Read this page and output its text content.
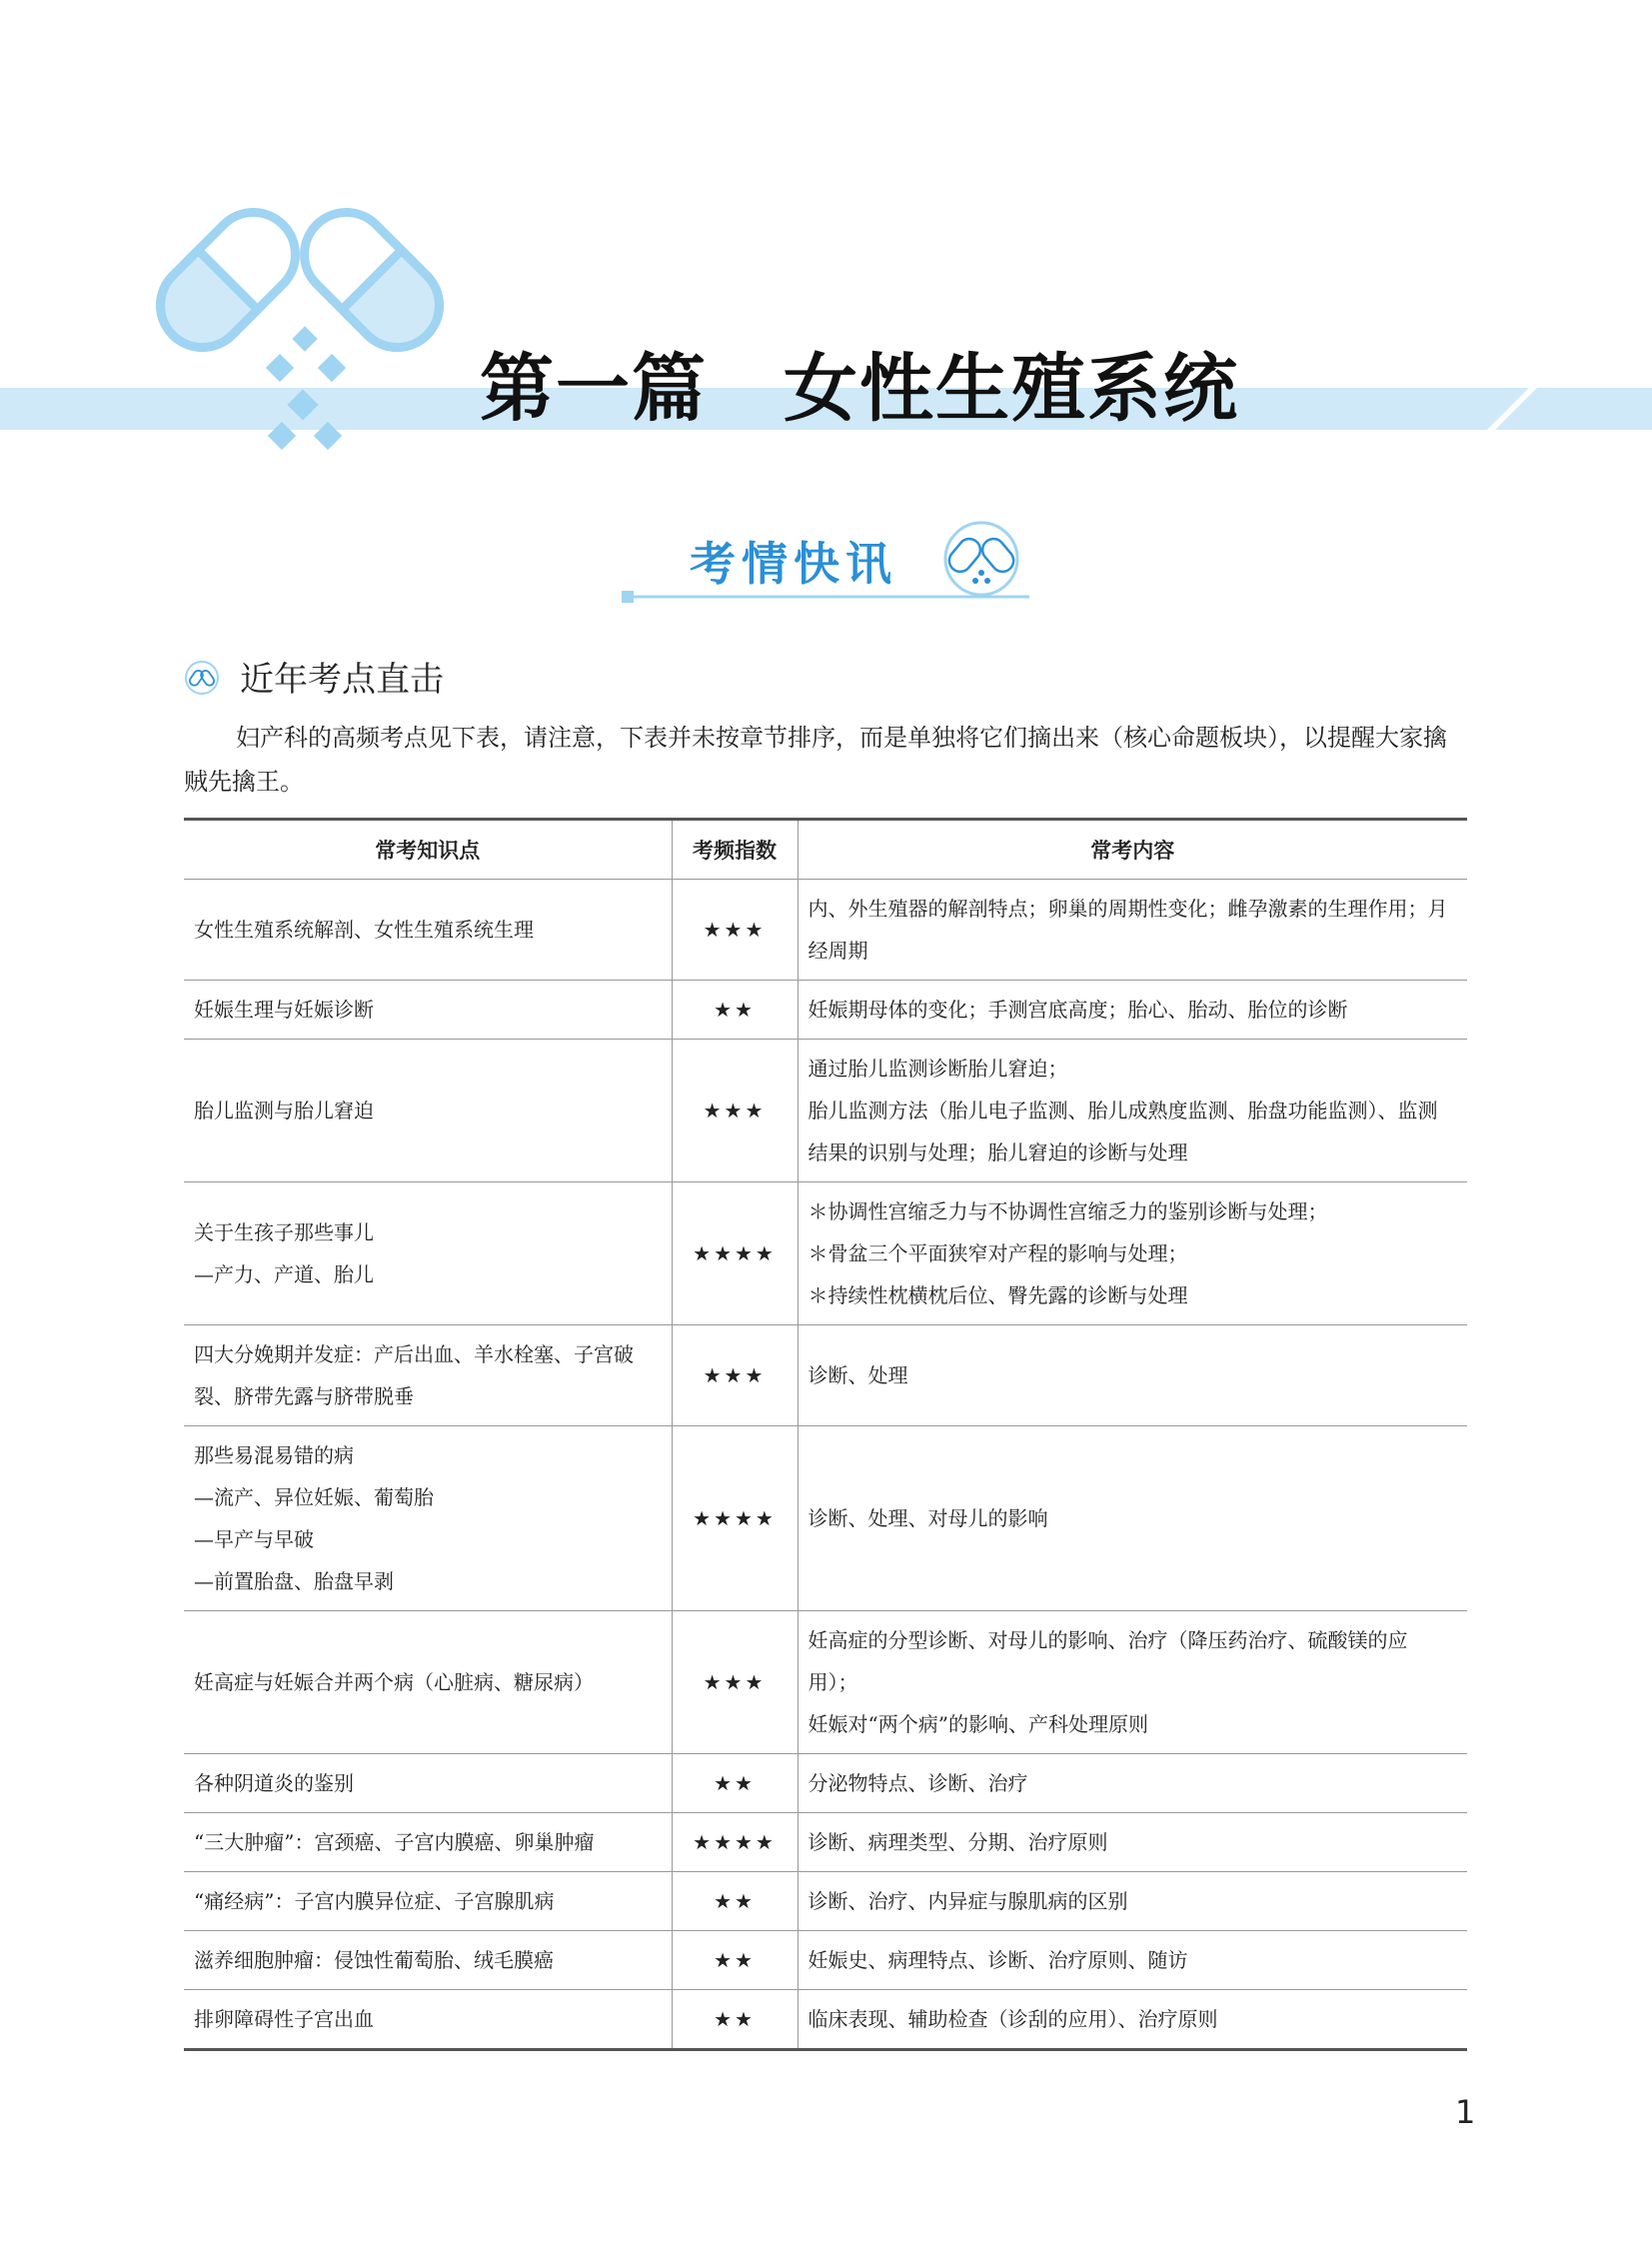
第一篇　女性生殖系统
考情快讯
近年考点直击

妇产科的高频考点见下表，请注意，下表并未按章节排序，而是单独将它们摘出来（核心命题板块），以提醒大家擒贼先擒王。

常考知识点	考频指数	常考内容

女性生殖系统解剖、女性生殖系统生理	★★★	内、外生殖器的解剖特点；卵巢的周期性变化；雌孕激素的生理作用；月经周期

妊娠生理与妊娠诊断	★★	妊娠期母体的变化；手测宫底高度；胎心、胎动、胎位的诊断

胎儿监测与胎儿窘迫	★★★	通过胎儿监测诊断胎儿窘迫；
胎儿监测方法（胎儿电子监测、胎儿成熟度监测、胎盘功能监测）、监测结果的识别与处理；胎儿窘迫的诊断与处理

关于生孩子那些事儿
—产力、产道、胎儿	★★★★	＊协调性宫缩乏力与不协调性宫缩乏力的鉴别诊断与处理；
＊骨盆三个平面狭窄对产程的影响与处理；
＊持续性枕横枕后位、臀先露的诊断与处理

四大分娩期并发症：产后出血、羊水栓塞、子宫破裂、脐带先露与脐带脱垂	★★★	诊断、处理

那些易混易错的病
—流产、异位妊娠、葡萄胎
—早产与早破
—前置胎盘、胎盘早剥	★★★★	诊断、处理、对母儿的影响

妊高症与妊娠合并两个病（心脏病、糖尿病）	★★★	妊高症的分型诊断、对母儿的影响、治疗（降压药治疗、硫酸镁的应用）；
妊娠对“两个病”的影响、产科处理原则

各种阴道炎的鉴别	★★	分泌物特点、诊断、治疗

“三大肿瘤”：宫颈癌、子宫内膜癌、卵巢肿瘤	★★★★	诊断、病理类型、分期、治疗原则

“痛经病”：子宫内膜异位症、子宫腺肌病	★★	诊断、治疗、内异症与腺肌病的区别

滋养细胞肿瘤：侵蚀性葡萄胎、绒毛膜癌	★★	妊娠史、病理特点、诊断、治疗原则、随访

排卵障碍性子宫出血	★★	临床表现、辅助检查（诊刮的应用）、治疗原则
1
